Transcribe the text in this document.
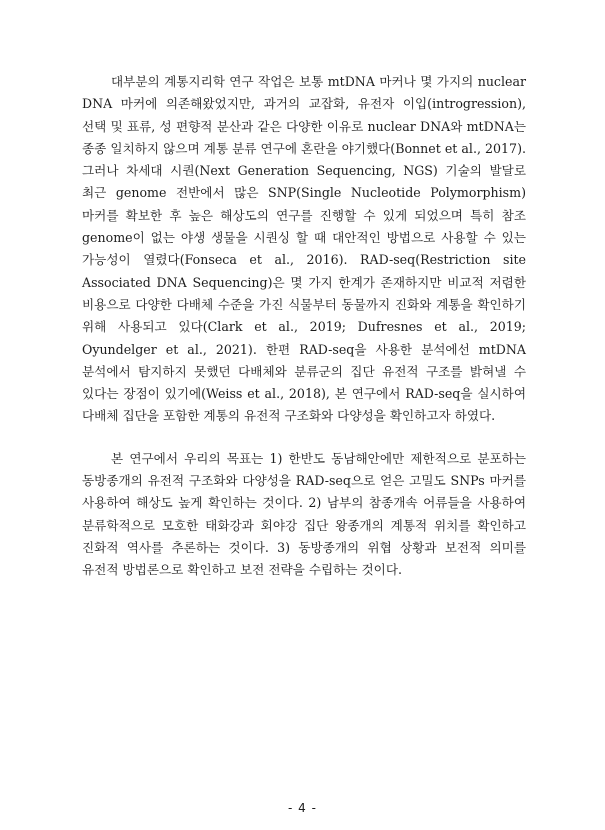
대부분의 계통지리학 연구 작업은 보통 mtDNA 마커나 몇 가지의 nuclear DNA 마커에 의존해왔었지만, 과거의 교잡화, 유전자 이입(introgression), 선택 및 표류, 성 편향적 분산과 같은 다양한 이유로 nuclear DNA와 mtDNA는 종종 일치하지 않으며 계통 분류 연구에 혼란을 야기했다(Bonnet et al., 2017). 그러나 차세대 시퀀(Next Generation Sequencing, NGS) 기술의 발달로 최근 genome 전반에서 많은 SNP(Single Nucleotide Polymorphism) 마커를 확보한 후 높은 해상도의 연구를 진행할 수 있게 되었으며 특히 참조 genome이 없는 야생 생물을 시퀀싱 할 때 대안적인 방법으로 사용할 수 있는 가능성이 열렸다(Fonseca et al., 2016). RAD-seq(Restriction site Associated DNA Sequencing)은 몇 가지 한계가 존재하지만 비교적 저렴한 비용으로 다양한 다배체 수준을 가진 식물부터 동물까지 진화와 계통을 확인하기 위해 사용되고 있다(Clark et al., 2019; Dufresnes et al., 2019; Oyundelger et al., 2021). 한편 RAD-seq을 사용한 분석에선 mtDNA 분석에서 탐지하지 못했던 다배체와 분류군의 집단 유전적 구조를 밝혀낼 수 있다는 장점이 있기에(Weiss et al., 2018), 본 연구에서 RAD-seq을 실시하여 다배체 집단을 포함한 계통의 유전적 구조화와 다양성을 확인하고자 하였다.

본 연구에서 우리의 목표는 1) 한반도 동남해안에만 제한적으로 분포하는 동방종개의 유전적 구조화와 다양성을 RAD-seq으로 얻은 고밀도 SNPs 마커를 사용하여 해상도 높게 확인하는 것이다. 2) 남부의 참종개속 어류들을 사용하여 분류학적으로 모호한 태화강과 회야강 집단 왕종개의 계통적 위치를 확인하고 진화적 역사를 추론하는 것이다. 3) 동방종개의 위협 상황과 보전적 의미를 유전적 방법론으로 확인하고 보전 전략을 수립하는 것이다.

- 4 -
